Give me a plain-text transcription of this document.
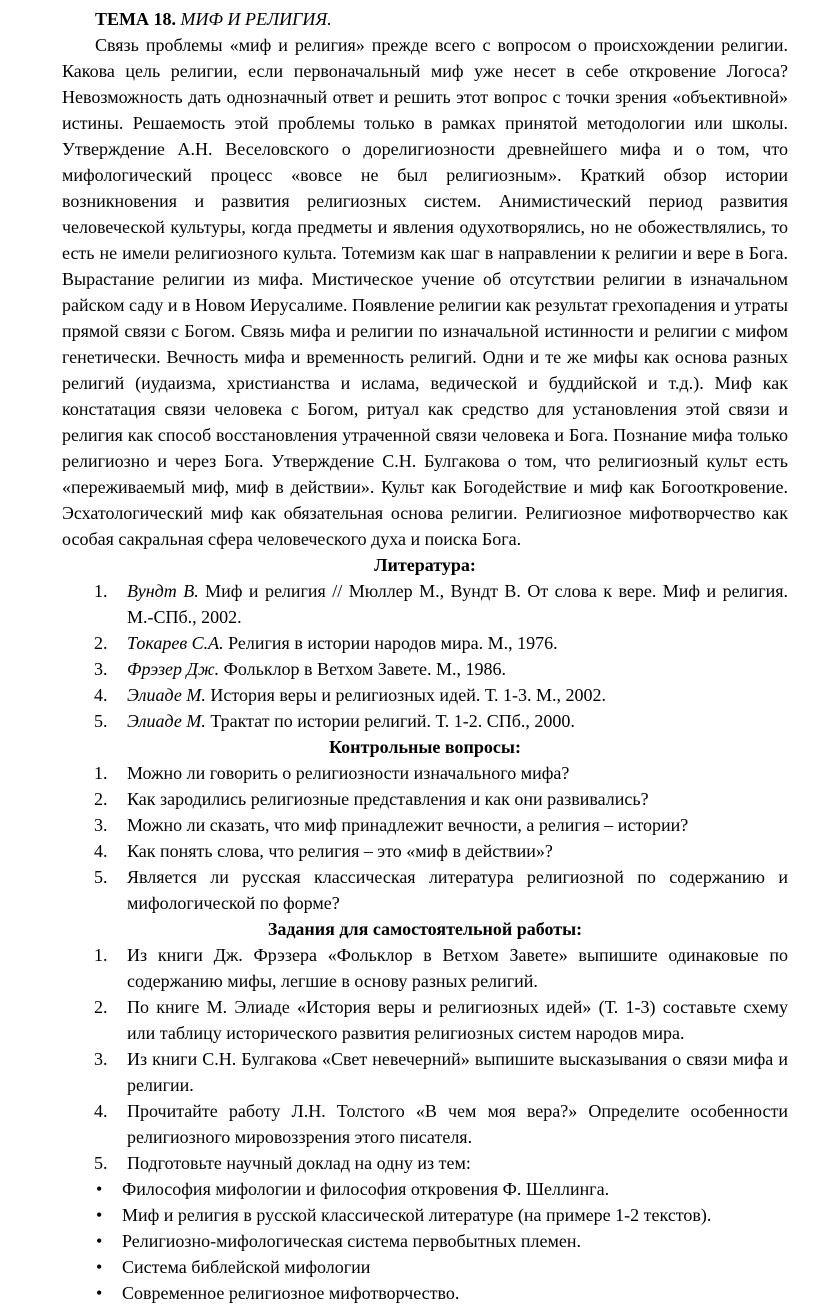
ТЕМА 18. МИФ И РЕЛИГИЯ.
Связь проблемы «миф и религия» прежде всего с вопросом о происхождении религии. Какова цель религии, если первоначальный миф уже несет в себе откровение Логоса? Невозможность дать однозначный ответ и решить этот вопрос с точки зрения «объективной» истины. Решаемость этой проблемы только в рамках принятой методологии или школы. Утверждение А.Н. Веселовского о дорелигиозности древнейшего мифа и о том, что мифологический процесс «вовсе не был религиозным». Краткий обзор истории возникновения и развития религиозных систем. Анимистический период развития человеческой культуры, когда предметы и явления одухотворялись, но не обожествлялись, то есть не имели религиозного культа. Тотемизм как шаг в направлении к религии и вере в Бога. Вырастание религии из мифа. Мистическое учение об отсутствии религии в изначальном райском саду и в Новом Иерусалиме. Появление религии как результат грехопадения и утраты прямой связи с Богом. Связь мифа и религии по изначальной истинности и религии с мифом генетически. Вечность мифа и временность религий. Одни и те же мифы как основа разных религий (иудаизма, христианства и ислама, ведической и буддийской и т.д.). Миф как констатация связи человека с Богом, ритуал как средство для установления этой связи и религия как способ восстановления утраченной связи человека и Бога. Познание мифа только религиозно и через Бога. Утверждение С.Н. Булгакова о том, что религиозный культ есть «переживаемый миф, миф в действии». Культ как Богодействие и миф как Богооткровение. Эсхатологический миф как обязательная основа религии. Религиозное мифотворчество как особая сакральная сфера человеческого духа и поиска Бога.
Литература:
1. Вундт В. Миф и религия // Мюллер М., Вундт В. От слова к вере. Миф и религия. М.-СПб., 2002.
2. Токарев С.А. Религия в истории народов мира. М., 1976.
3. Фрэзер Дж. Фольклор в Ветхом Завете. М., 1986.
4. Элиаде М. История веры и религиозных идей. Т. 1-3. М., 2002.
5. Элиаде М. Трактат по истории религий. Т. 1-2. СПб., 2000.
Контрольные вопросы:
1. Можно ли говорить о религиозности изначального мифа?
2. Как зародились религиозные представления и как они развивались?
3. Можно ли сказать, что миф принадлежит вечности, а религия – истории?
4. Как понять слова, что религия – это «миф в действии»?
5. Является ли русская классическая литература религиозной по содержанию и мифологической по форме?
Задания для самостоятельной работы:
1. Из книги Дж. Фрэзера «Фольклор в Ветхом Завете» выпишите одинаковые по содержанию мифы, легшие в основу разных религий.
2. По книге М. Элиаде «История веры и религиозных идей» (Т. 1-3) составьте схему или таблицу исторического развития религиозных систем народов мира.
3. Из книги С.Н. Булгакова «Свет невечерний» выпишите высказывания о связи мифа и религии.
4. Прочитайте работу Л.Н. Толстого «В чем моя вера?» Определите особенности религиозного мировоззрения этого писателя.
5. Подготовьте научный доклад на одну из тем:
• Философия мифологии и философия откровения Ф. Шеллинга.
• Миф и религия в русской классической литературе (на примере 1-2 текстов).
• Религиозно-мифологическая система первобытных племен.
• Система библейской мифологии
• Современное религиозное мифотворчество.
